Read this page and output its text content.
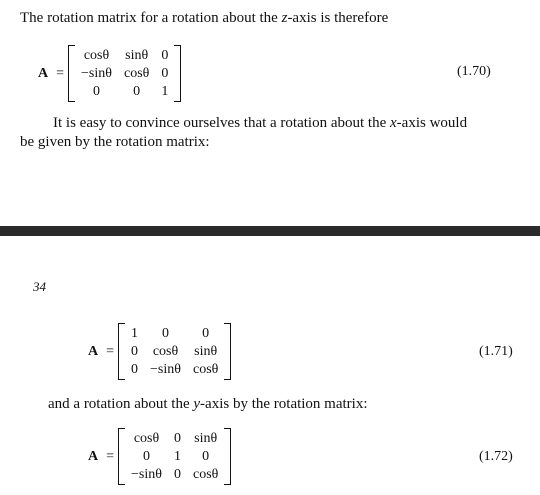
The rotation matrix for a rotation about the z-axis is therefore

A =
cosθ sinθ 0
−sinθ cosθ 0
0	0	1
(1.70)

It is easy to convince ourselves that a rotation about the x-axis would

be given by the rotation matrix:

34
A =
1	0	0
0 cosθ sinθ
0 −sinθ cosθ
(1.71)

and a rotation about the y-axis by the rotation matrix:

A =
cosθ 0 sinθ
0	1	0
−sinθ 0 cosθ
(1.72)
